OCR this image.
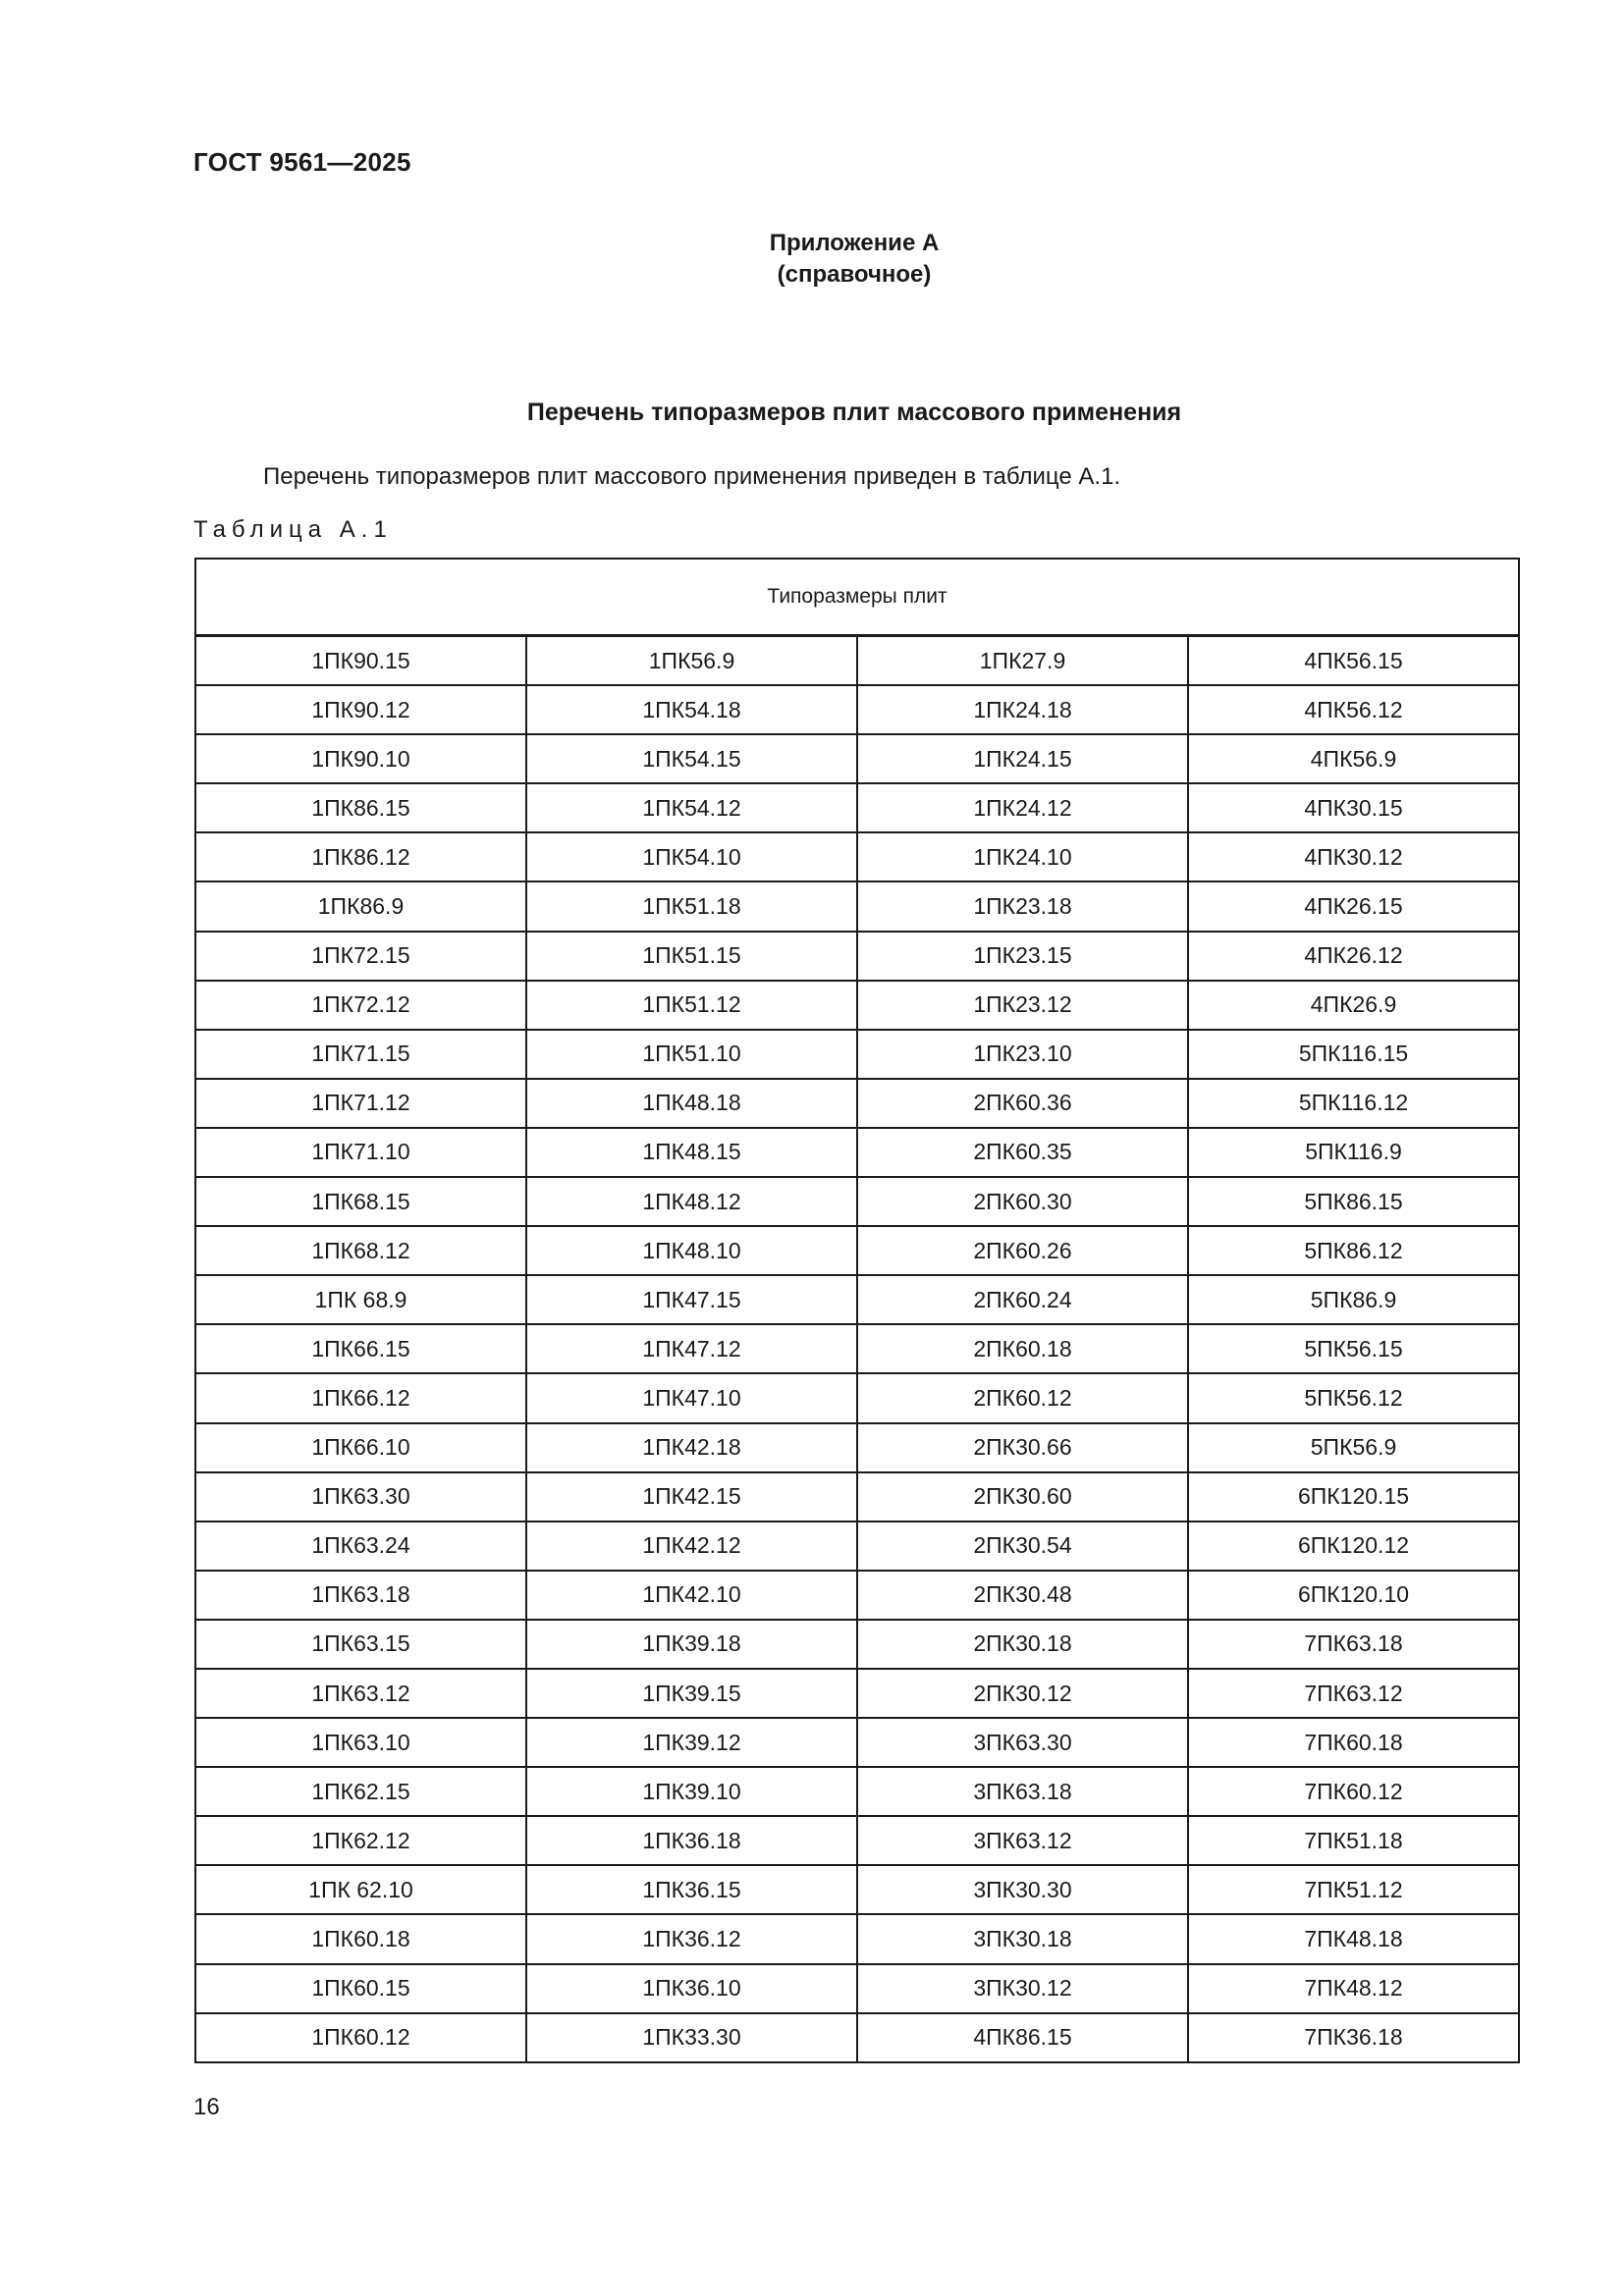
ГОСТ 9561—2025
Приложение А
(справочное)
Перечень типоразмеров плит массового применения
Перечень типоразмеров плит массового применения приведен в таблице А.1.
Таблица А.1
Типоразмеры плит			
1ПК90.15	1ПК56.9	1ПК27.9	4ПК56.15
1ПК90.12	1ПК54.18	1ПК24.18	4ПК56.12
1ПК90.10	1ПК54.15	1ПК24.15	4ПК56.9
1ПК86.15	1ПК54.12	1ПК24.12	4ПК30.15
1ПК86.12	1ПК54.10	1ПК24.10	4ПК30.12
1ПК86.9	1ПК51.18	1ПК23.18	4ПК26.15
1ПК72.15	1ПК51.15	1ПК23.15	4ПК26.12
1ПК72.12	1ПК51.12	1ПК23.12	4ПК26.9
1ПК71.15	1ПК51.10	1ПК23.10	5ПК116.15
1ПК71.12	1ПК48.18	2ПК60.36	5ПК116.12
1ПК71.10	1ПК48.15	2ПК60.35	5ПК116.9
1ПК68.15	1ПК48.12	2ПК60.30	5ПК86.15
1ПК68.12	1ПК48.10	2ПК60.26	5ПК86.12
1ПК 68.9	1ПК47.15	2ПК60.24	5ПК86.9
1ПК66.15	1ПК47.12	2ПК60.18	5ПК56.15
1ПК66.12	1ПК47.10	2ПК60.12	5ПК56.12
1ПК66.10	1ПК42.18	2ПК30.66	5ПК56.9
1ПК63.30	1ПК42.15	2ПК30.60	6ПК120.15
1ПК63.24	1ПК42.12	2ПК30.54	6ПК120.12
1ПК63.18	1ПК42.10	2ПК30.48	6ПК120.10
1ПК63.15	1ПК39.18	2ПК30.18	7ПК63.18
1ПК63.12	1ПК39.15	2ПК30.12	7ПК63.12
1ПК63.10	1ПК39.12	3ПК63.30	7ПК60.18
1ПК62.15	1ПК39.10	3ПК63.18	7ПК60.12
1ПК62.12	1ПК36.18	3ПК63.12	7ПК51.18
1ПК 62.10	1ПК36.15	3ПК30.30	7ПК51.12
1ПК60.18	1ПК36.12	3ПК30.18	7ПК48.18
1ПК60.15	1ПК36.10	3ПК30.12	7ПК48.12
1ПК60.12	1ПК33.30	4ПК86.15	7ПК36.18
16
